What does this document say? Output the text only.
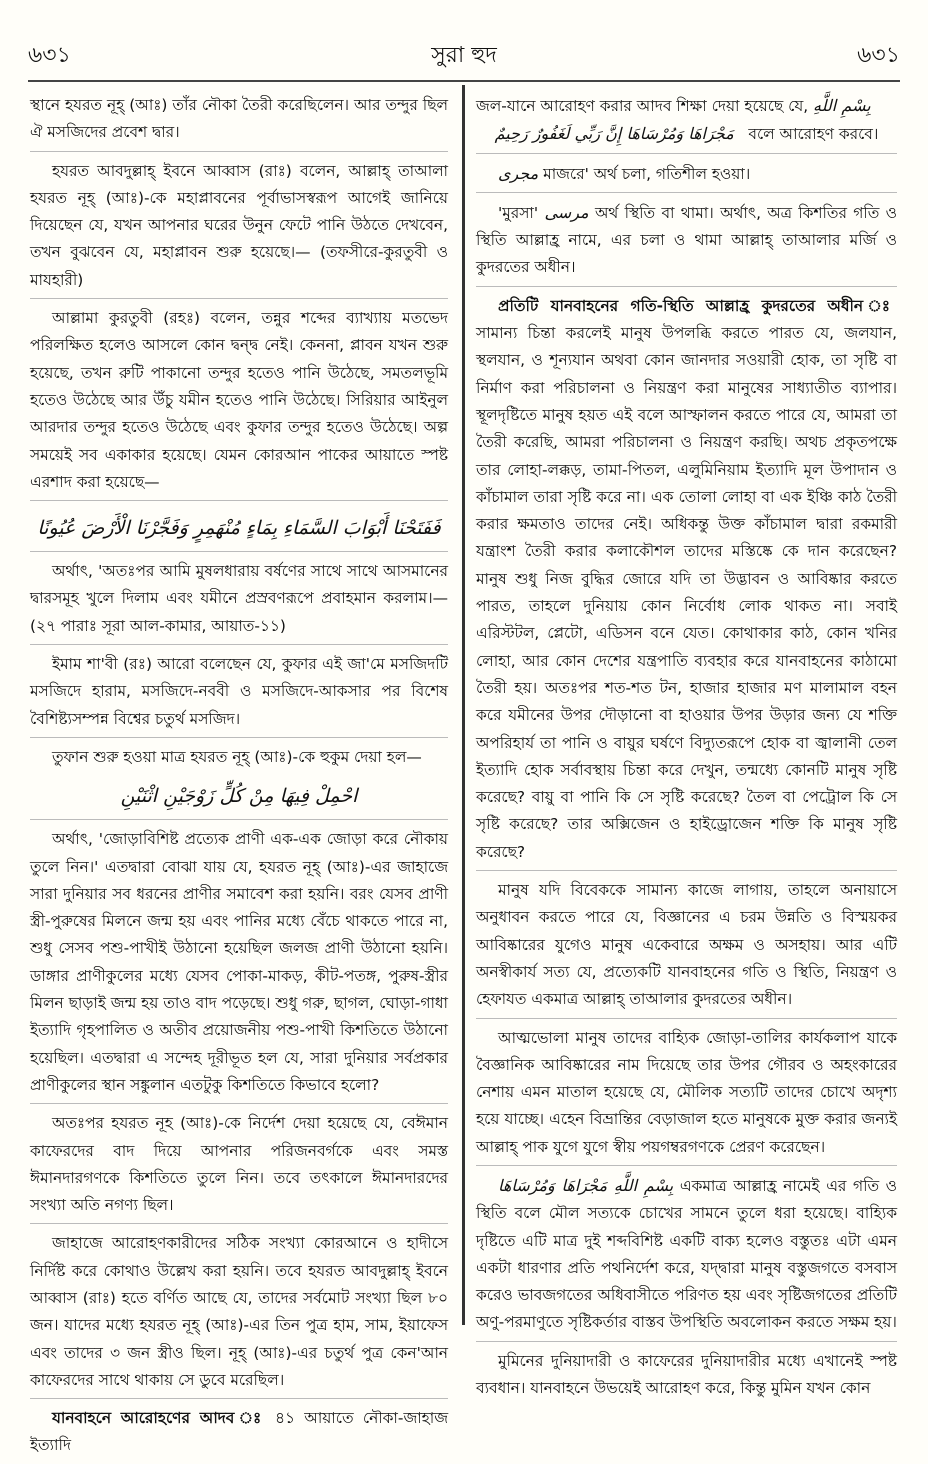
৬৩১	সুরা হুদ	৬৩১
স্থানে হযরত নূহ্ (আঃ) তাঁর নৌকা তৈরী করেছিলেন। আর তন্দুর ছিল ঐ মসজিদের প্রবেশ দ্বার।
হযরত আবদুল্লাহ্ ইবনে আব্বাস (রাঃ) বলেন, আল্লাহ্ তাআলা হযরত নূহ্ (আঃ)-কে মহাপ্লাবনের পূর্বাভাসস্বরূপ আগেই জানিয়ে দিয়েছেন যে, যখন আপনার ঘরের উনুন ফেটে পানি উঠতে দেখবেন, তখন বুঝবেন যে, মহাপ্লাবন শুরু হয়েছে।— (তফসীরে-কুরতুবী ও মাযহারী)
আল্লামা কুরতুবী (রহঃ) বলেন, তন্নুর শব্দের ব্যাখ্যায় মতভেদ পরিলক্ষিত হলেও আসলে কোন দ্বন্দ্ব নেই। কেননা, প্লাবন যখন শুরু হয়েছে, তখন রুটি পাকানো তন্দুর হতেও পানি উঠেছে, সমতলভূমি হতেও উঠেছে আর উঁচু যমীন হতেও পানি উঠেছে। সিরিয়ার আইনুল আরদার তন্দুর হতেও উঠেছে এবং কুফার তন্দুর হতেও উঠেছে। অল্প সময়েই সব একাকার হয়েছে। যেমন কোরআন পাকের আয়াতে স্পষ্ট এরশাদ করা হয়েছে—
فَفَتَحْنَا أَبْوَابَ السَّمَاءِ بِمَاءٍ مُنْهَمِرٍ وَفَجَّرْنَا الْأَرْضَ عُيُونًا
অর্থাৎ, 'অতঃপর আমি মুষলধারায় বর্ষণের সাথে সাথে আসমানের দ্বারসমূহ খুলে দিলাম এবং যমীনে প্রস্রবণরূপে প্রবাহমান করলাম।— (২৭ পারাঃ সূরা আল-কামার, আয়াত-১১)
ইমাম শা'বী (রঃ) আরো বলেছেন যে, কুফার এই জা'মে মসজিদটি মসজিদে হারাম, মসজিদে-নববী ও মসজিদে-আকসার পর বিশেষ বৈশিষ্ট্যসম্পন্ন বিশ্বের চতুর্থ মসজিদ।
তুফান শুরু হওয়া মাত্র হযরত নূহ্ (আঃ)-কে হুকুম দেয়া হল—
احْمِلْ فِيهَا مِنْ كُلٍّ زَوْجَيْنِ اثْنَيْنِ
অর্থাৎ, 'জোড়াবিশিষ্ট প্রত্যেক প্রাণী এক-এক জোড়া করে নৌকায় তুলে নিন।' এতদ্বারা বোঝা যায় যে, হযরত নূহ্ (আঃ)-এর জাহাজে সারা দুনিয়ার সব ধরনের প্রাণীর সমাবেশ করা হয়নি। বরং যেসব প্রাণী স্ত্রী-পুরুষের মিলনে জন্ম হয় এবং পানির মধ্যে বেঁচে থাকতে পারে না, শুধু সেসব পশু-পাখীই উঠানো হয়েছিল জলজ প্রাণী উঠানো হয়নি। ডাঙ্গার প্রাণীকুলের মধ্যে যেসব পোকা-মাকড়, কীট-পতঙ্গ, পুরুষ-স্ত্রীর মিলন ছাড়াই জন্ম হয় তাও বাদ পড়েছে। শুধু গরু, ছাগল, ঘোড়া-গাধা ইত্যাদি গৃহপালিত ও অতীব প্রয়োজনীয় পশু-পাখী কিশতিতে উঠানো হয়েছিল। এতদ্বারা এ সন্দেহ দূরীভূত হল যে, সারা দুনিয়ার সর্বপ্রকার প্রাণীকুলের স্থান সঙ্কুলান এতটুকু কিশতিতে কিভাবে হলো?
অতঃপর হযরত নূহ (আঃ)-কে নির্দেশ দেয়া হয়েছে যে, বেঈমান কাফেরদের বাদ দিয়ে আপনার পরিজনবর্গকে এবং সমস্ত ঈমানদারগণকে কিশতিতে তুলে নিন। তবে তৎকালে ঈমানদারদের সংখ্যা অতি নগণ্য ছিল।
জাহাজে আরোহণকারীদের সঠিক সংখ্যা কোরআনে ও হাদীসে নির্দিষ্ট করে কোথাও উল্লেখ করা হয়নি। তবে হযরত আবদুল্লাহ্ ইবনে আব্বাস (রাঃ) হতে বর্ণিত আছে যে, তাদের সর্বমোট সংখ্যা ছিল ৮০ জন। যাদের মধ্যে হযরত নূহ্ (আঃ)-এর তিন পুত্র হাম, সাম, ইয়াফেস এবং তাদের ৩ জন স্ত্রীও ছিল। নূহ্ (আঃ)-এর চতুর্থ পুত্র কেন'আন কাফেরদের সাথে থাকায় সে ডুবে মরেছিল।
যানবাহনে আরোহণের আদব ঃ ৪১ আয়াতে নৌকা-জাহাজ ইত্যাদি
জল-যানে আরোহণ করার আদব শিক্ষা দেয়া হয়েছে যে, بِسْمِ اللَّهِ
مَجْرَاهَا وَمُرْسَاهَا إِنَّ رَبِّي لَغَفُورٌ رَحِيمٌ বলে আরোহণ করবে।
مجرى মাজরে' অর্থ চলা, গতিশীল হওয়া।
'মুরসা' مرسى অর্থ স্থিতি বা থামা। অর্থাৎ, অত্র কিশতির গতি ও স্থিতি আল্লাহ্র নামে, এর চলা ও থামা আল্লাহ্ তাআলার মর্জি ও কুদরতের অধীন।
প্রতিটি যানবাহনের গতি-স্থিতি আল্লাহ্র কুদরতের অধীন ঃ সামান্য চিন্তা করলেই মানুষ উপলব্ধি করতে পারত যে, জলযান, স্থলযান, ও শূন্যযান অথবা কোন জানদার সওয়ারী হোক, তা সৃষ্টি বা নির্মাণ করা পরিচালনা ও নিয়ন্ত্রণ করা মানুষের সাধ্যাতীত ব্যাপার। স্থূলদৃষ্টিতে মানুষ হয়ত এই বলে আস্ফালন করতে পারে যে, আমরা তা তৈরী করেছি, আমরা পরিচালনা ও নিয়ন্ত্রণ করছি। অথচ প্রকৃতপক্ষে তার লোহা-লক্কড়, তামা-পিতল, এলুমিনিয়াম ইত্যাদি মূল উপাদান ও কাঁচামাল তারা সৃষ্টি করে না। এক তোলা লোহা বা এক ইঞ্চি কাঠ তৈরী করার ক্ষমতাও তাদের নেই। অধিকন্তু উক্ত কাঁচামাল দ্বারা রকমারী যন্ত্রাংশ তৈরী করার কলাকৌশল তাদের মস্তিষ্কে কে দান করেছেন? মানুষ শুধু নিজ বুদ্ধির জোরে যদি তা উদ্ভাবন ও আবিষ্কার করতে পারত, তাহলে দুনিয়ায় কোন নির্বোধ লোক থাকত না। সবাই এরিস্টটল, প্লেটো, এডিসন বনে যেত। কোথাকার কাঠ, কোন খনির লোহা, আর কোন দেশের যন্ত্রপাতি ব্যবহার করে যানবাহনের কাঠামো তৈরী হয়। অতঃপর শত-শত টন, হাজার হাজার মণ মালামাল বহন করে যমীনের উপর দৌড়ানো বা হাওয়ার উপর উড়ার জন্য যে শক্তি অপরিহার্য তা পানি ও বায়ুর ঘর্ষণে বিদ্যুতরূপে হোক বা জ্বালানী তেল ইত্যাদি হোক সর্বাবস্থায় চিন্তা করে দেখুন, তন্মধ্যে কোনটি মানুষ সৃষ্টি করেছে? বায়ু বা পানি কি সে সৃষ্টি করেছে? তৈল বা পেট্রোল কি সে সৃষ্টি করেছে? তার অক্সিজেন ও হাইড্রোজেন শক্তি কি মানুষ সৃষ্টি করেছে?
মানুষ যদি বিবেককে সামান্য কাজে লাগায়, তাহলে অনায়াসে অনুধাবন করতে পারে যে, বিজ্ঞানের এ চরম উন্নতি ও বিস্ময়কর আবিষ্কারের যুগেও মানুষ একেবারে অক্ষম ও অসহায়। আর এটি অনস্বীকার্য সত্য যে, প্রত্যেকটি যানবাহনের গতি ও স্থিতি, নিয়ন্ত্রণ ও হেফাযত একমাত্র আল্লাহ্ তাআলার কুদরতের অধীন।
আত্মভোলা মানুষ তাদের বাহ্যিক জোড়া-তালির কার্যকলাপ যাকে বৈজ্ঞানিক আবিষ্কারের নাম দিয়েছে তার উপর গৌরব ও অহংকারের নেশায় এমন মাতাল হয়েছে যে, মৌলিক সত্যটি তাদের চোখে অদৃশ্য হয়ে যাচ্ছে। এহেন বিভ্রান্তির বেড়াজাল হতে মানুষকে মুক্ত করার জন্যই আল্লাহ্ পাক যুগে যুগে স্বীয় পয়গম্বরগণকে প্রেরণ করেছেন।
بِسْمِ اللَّهِ مَجْرَاهَا وَمُرْسَاهَا একমাত্র আল্লাহ্র নামেই এর গতি ও স্থিতি বলে মৌল সত্যকে চোখের সামনে তুলে ধরা হয়েছে। বাহ্যিক দৃষ্টিতে এটি মাত্র দুই শব্দবিশিষ্ট একটি বাক্য হলেও বস্তুতঃ এটা এমন একটা ধারণার প্রতি পথনির্দেশ করে, যদ্দ্বারা মানুষ বস্তুজগতে বসবাস করেও ভাবজগতের অধিবাসীতে পরিণত হয় এবং সৃষ্টিজগতের প্রতিটি অণু-পরমাণুতে সৃষ্টিকর্তার বাস্তব উপস্থিতি অবলোকন করতে সক্ষম হয়।
মুমিনের দুনিয়াদারী ও কাফেরের দুনিয়াদারীর মধ্যে এখানেই স্পষ্ট ব্যবধান। যানবাহনে উভয়েই আরোহণ করে, কিন্তু মুমিন যখন কোন
